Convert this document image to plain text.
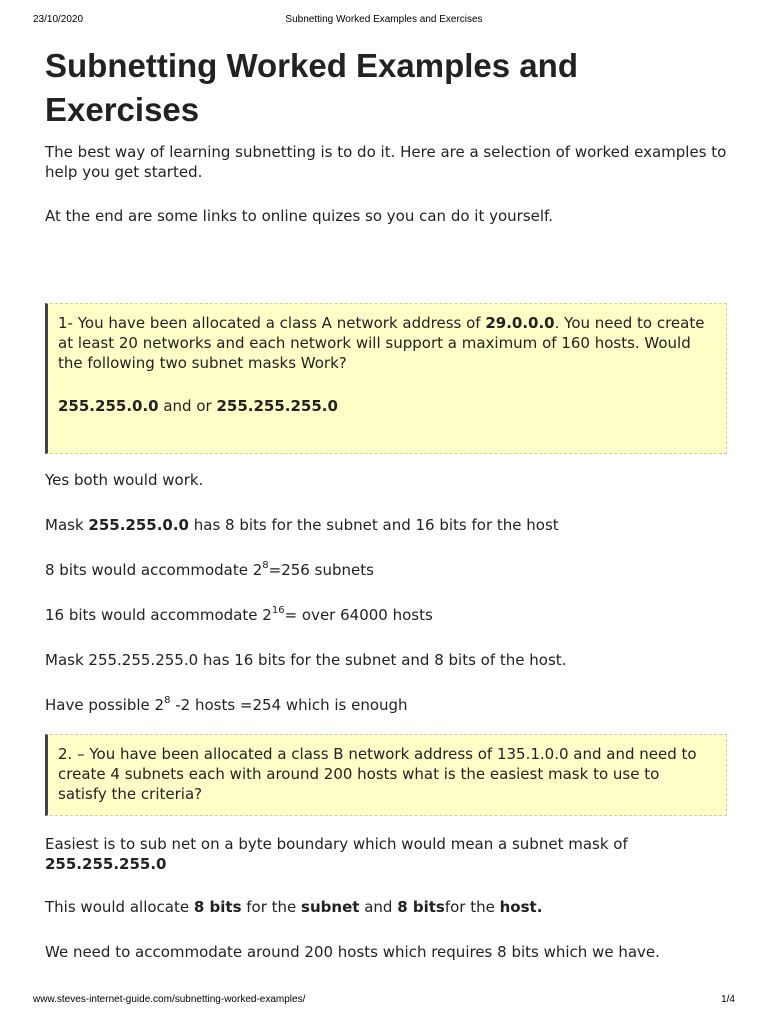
23/10/2020	Subnetting Worked Examples and Exercises
Subnetting Worked Examples and Exercises

The best way of learning subnetting is to do it. Here are a selection of worked examples to help you get started.

At the end are some links to online quizes so you can do it yourself.

1- You have been allocated a class A network address of 29.0.0.0. You need to create at least 20 networks and each network will support a maximum of 160 hosts. Would the following two subnet masks Work?

255.255.0.0 and or 255.255.255.0

Yes both would work.

Mask 255.255.0.0 has 8 bits for the subnet and 16 bits for the host

8 bits would accommodate $2^8=256$ subnets

16 bits would accommodate $2^{16}=$ over 64000 hosts

Mask 255.255.255.0 has 16 bits for the subnet and 8 bits of the host.

Have possible $2^8$ -2 hosts =254 which is enough

2. – You have been allocated a class B network address of 135.1.0.0 and and need to create 4 subnets each with around 200 hosts what is the easiest mask to use to satisfy the criteria?

Easiest is to sub net on a byte boundary which would mean a subnet mask of 255.255.255.0

This would allocate 8 bits for the subnet and 8 bitsfor the host.

We need to accommodate around 200 hosts which requires 8 bits which we have.

www.steves-internet-guide.com/subnetting-worked-examples/	1/4
